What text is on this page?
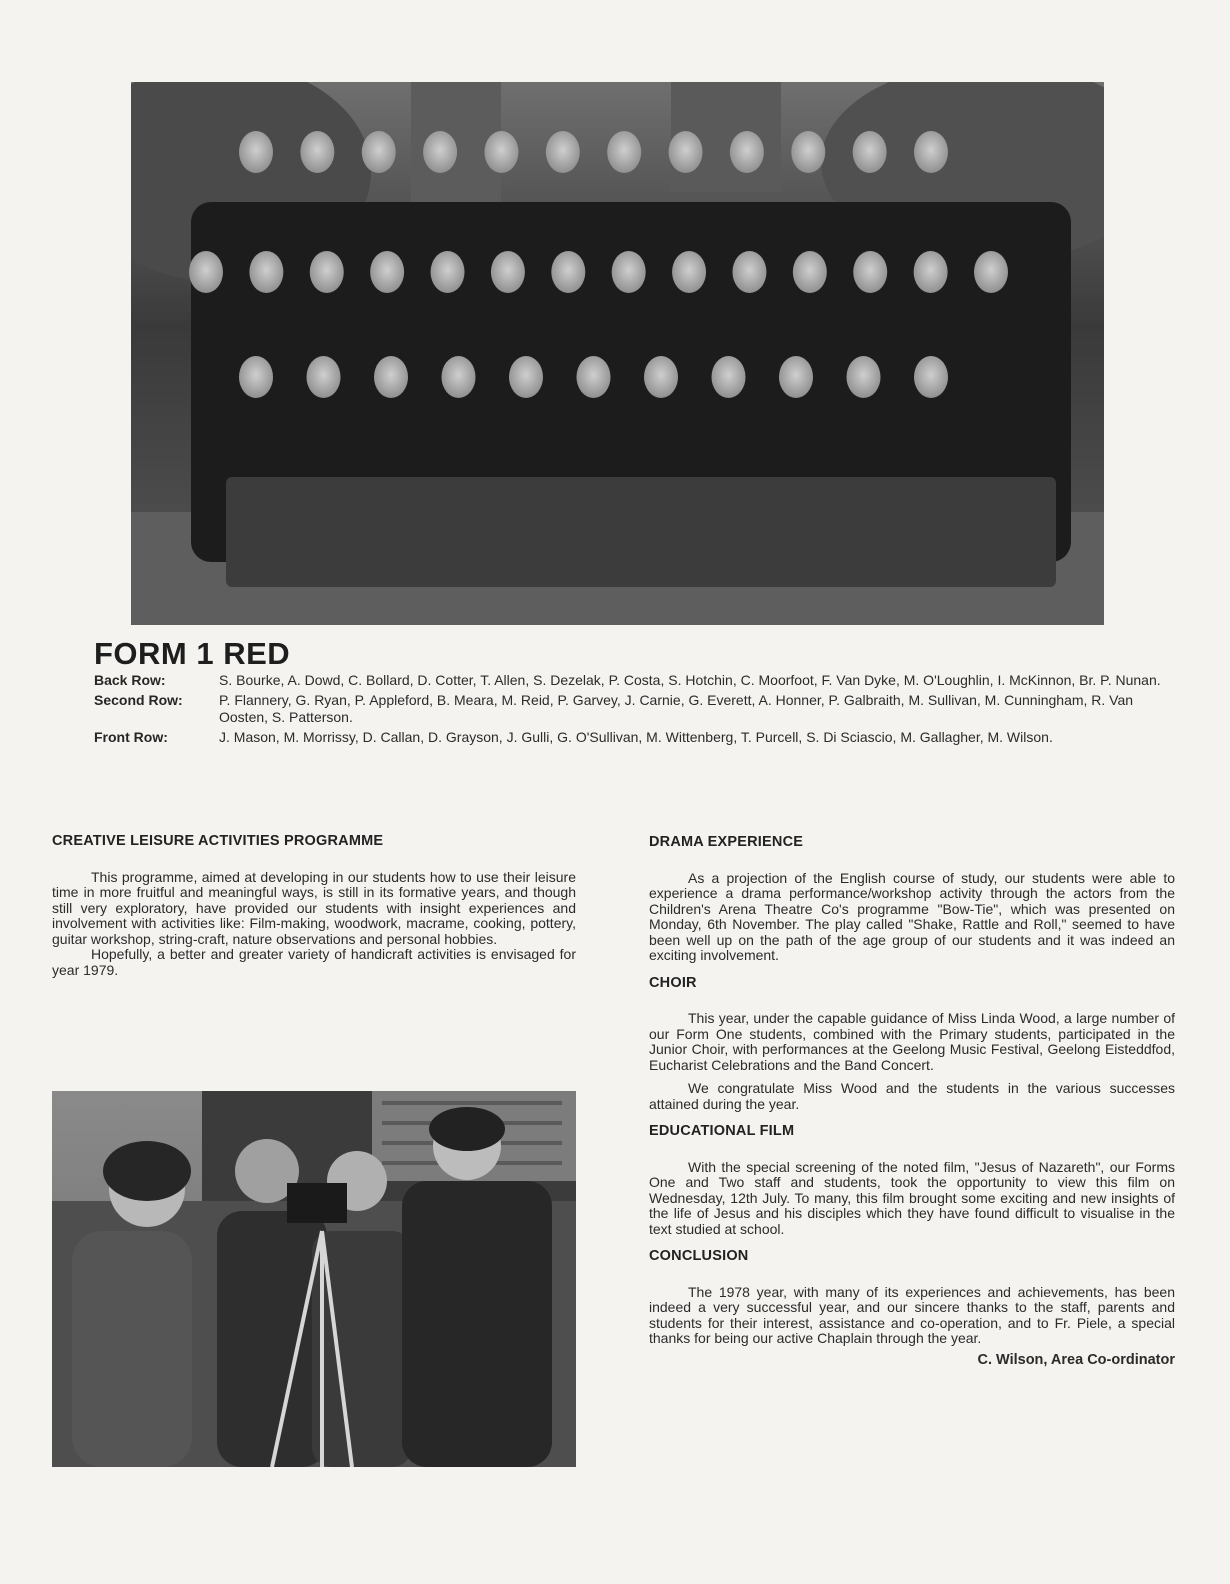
FORM 1 RED
Back Row:	S. Bourke, A. Dowd, C. Bollard, D. Cotter, T. Allen, S. Dezelak, P. Costa, S. Hotchin, C. Moorfoot, F. Van Dyke, M. O'Loughlin, I. McKinnon, Br. P. Nunan.
Second Row:	P. Flannery, G. Ryan, P. Appleford, B. Meara, M. Reid, P. Garvey, J. Carnie, G. Everett, A. Honner, P. Galbraith, M. Sullivan, M. Cunningham, R. Van Oosten, S. Patterson.
Front Row:	J. Mason, M. Morrissy, D. Callan, D. Grayson, J. Gulli, G. O'Sullivan, M. Wittenberg, T. Purcell, S. Di Sciascio, M. Gallagher, M. Wilson.
CREATIVE LEISURE ACTIVITIES PROGRAMME

This programme, aimed at developing in our students how to use their leisure time in more fruitful and meaningful ways, is still in its formative years, and though still very exploratory, have provided our students with insight experiences and involvement with activities like: Film-making, woodwork, macrame, cooking, pottery, guitar workshop, string-craft, nature observations and personal hobbies.

Hopefully, a better and greater variety of handicraft activities is envisaged for year 1979.

DRAMA EXPERIENCE

As a projection of the English course of study, our students were able to experience a drama performance/workshop activity through the actors from the Children's Arena Theatre Co's programme "Bow-Tie", which was presented on Monday, 6th November. The play called "Shake, Rattle and Roll," seemed to have been well up on the path of the age group of our students and it was indeed an exciting involvement.

CHOIR

This year, under the capable guidance of Miss Linda Wood, a large number of our Form One students, combined with the Primary students, participated in the Junior Choir, with performances at the Geelong Music Festival, Geelong Eisteddfod, Eucharist Celebrations and the Band Concert.

We congratulate Miss Wood and the students in the various successes attained during the year.

EDUCATIONAL FILM

With the special screening of the noted film, "Jesus of Nazareth", our Forms One and Two staff and students, took the opportunity to view this film on Wednesday, 12th July. To many, this film brought some exciting and new insights of the life of Jesus and his disciples which they have found difficult to visualise in the text studied at school.

CONCLUSION

The 1978 year, with many of its experiences and achievements, has been indeed a very successful year, and our sincere thanks to the staff, parents and students for their interest, assistance and co-operation, and to Fr. Piele, a special thanks for being our active Chaplain through the year.

C. Wilson, Area Co-ordinator
